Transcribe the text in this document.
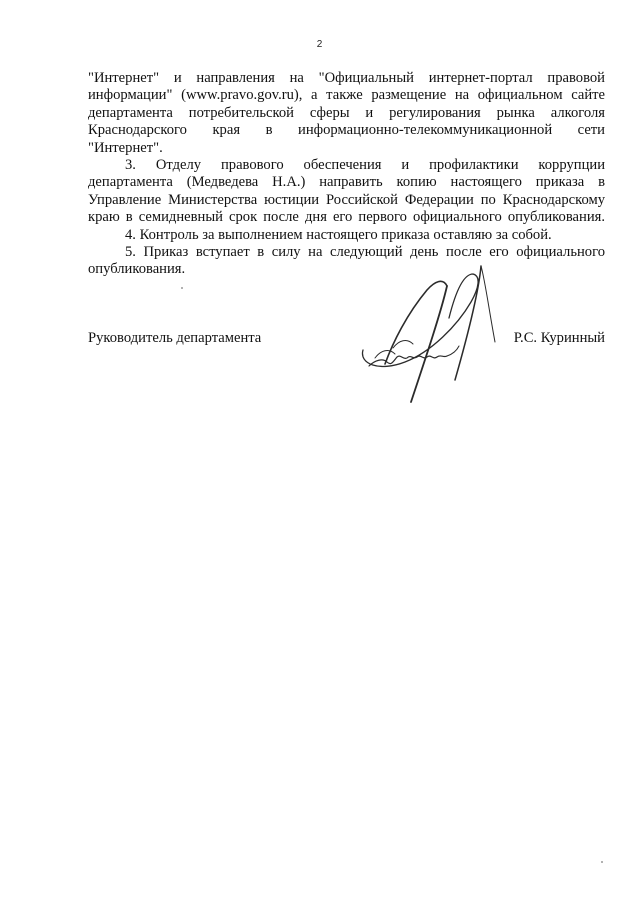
2
"Интернет" и направления на "Официальный интернет-портал правовой
информации" (www.pravo.gov.ru), а также размещение на официальном сайте
департамента потребительской сферы и регулирования рынка алкоголя
Краснодарского края в информационно-телекоммуникационной сети
"Интернет".
3. Отделу правового обеспечения и профилактики коррупции
департамента (Медведева Н.А.) направить копию настоящего приказа в
Управление Министерства юстиции Российской Федерации по Краснодарскому
краю в семидневный срок после дня его первого официального опубликования.
4. Контроль за выполнением настоящего приказа оставляю за собой.
5. Приказ вступает в силу на следующий день после его официального
опубликования.
Руководитель департамента	Р.С. Куринный
